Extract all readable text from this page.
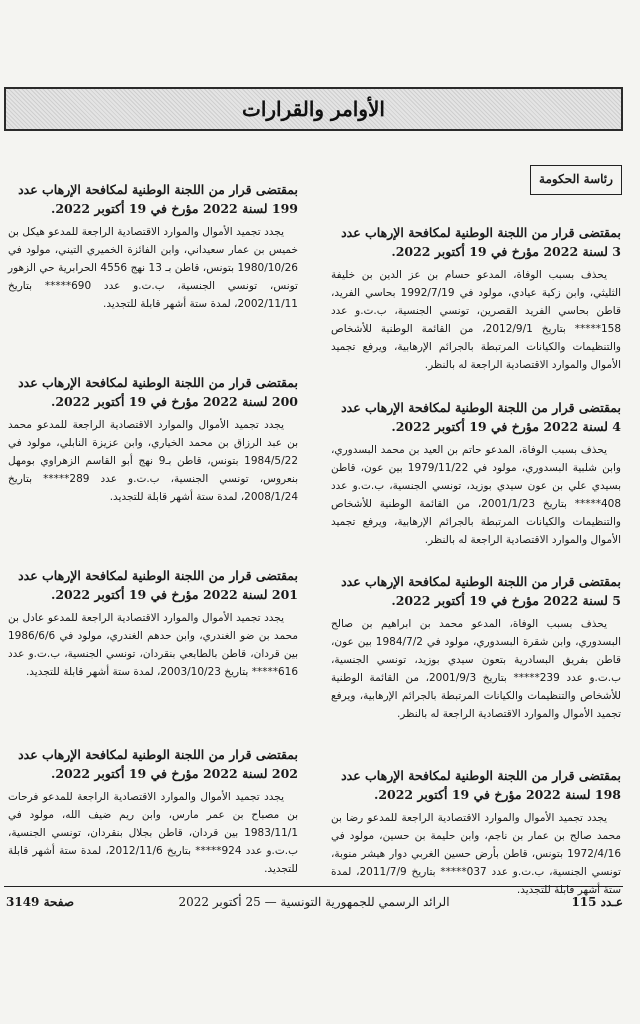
الأوامر والقرارات
رئاسة الحكومة

بمقتضى قرار من اللجنة الوطنية لمكافحة الإرهاب عدد 3 لسنة 2022 مؤرخ في 19 أكتوبر 2022.

يحذف بسبب الوفاة، المدعو حسام بن عز الدين بن خليفة الثليثي، وابن زكية عيادي، مولود في 1992/7/19 بحاسي الفريد، قاطن بحاسي الفريد القصرين، تونسي الجنسية، ب.ت.و عدد 158***** بتاريخ 2012/9/1، من القائمة الوطنية للأشخاص والتنظيمات والكيانات المرتبطة بالجرائم الإرهابية، ويرفع تجميد الأموال والموارد الاقتصادية الراجعة له بالنظر.

بمقتضى قرار من اللجنة الوطنية لمكافحة الإرهاب عدد 4 لسنة 2022 مؤرخ في 19 أكتوبر 2022.

يحذف بسبب الوفاة، المدعو حاتم بن العيد بن محمد البسدوري، وابن شلبية البسدوري، مولود في 1979/11/22 بين عون، قاطن بسيدي علي بن عون سيدي بوزيد، تونسي الجنسية، ب.ت.و عدد 408***** بتاريخ 2001/1/23، من القائمة الوطنية للأشخاص والتنظيمات والكيانات المرتبطة بالجرائم الإرهابية، ويرفع تجميد الأموال والموارد الاقتصادية الراجعة له بالنظر.

بمقتضى قرار من اللجنة الوطنية لمكافحة الإرهاب عدد 5 لسنة 2022 مؤرخ في 19 أكتوبر 2022.

يحذف بسبب الوفاة، المدعو محمد بن ابراهيم بن صالح البسدوري، وابن شقرة البسدوري، مولود في 1984/7/2 بين عون، قاطن بفريق البسادرية بتعون سيدي بوزيد، تونسي الجنسية، ب.ت.و عدد 239***** بتاريخ 2001/9/3، من القائمة الوطنية للأشخاص والتنظيمات والكيانات المرتبطة بالجرائم الإرهابية، ويرفع تجميد الأموال والموارد الاقتصادية الراجعة له بالنظر.

بمقتضى قرار من اللجنة الوطنية لمكافحة الإرهاب عدد 198 لسنة 2022 مؤرخ في 19 أكتوبر 2022.

يجدد تجميد الأموال والموارد الاقتصادية الراجعة للمدعو رضا بن محمد صالح بن عمار بن ناجم، وابن حليمة بن حسين، مولود في 1972/4/16 بتونس، قاطن بأرض حسين الغربي دوار هيشر منوبة، تونسي الجنسية، ب.ت.و عدد 037***** بتاريخ 2011/7/9، لمدة ستة أشهر قابلة للتجديد.

بمقتضى قرار من اللجنة الوطنية لمكافحة الإرهاب عدد 199 لسنة 2022 مؤرخ في 19 أكتوبر 2022.

يجدد تجميد الأموال والموارد الاقتصادية الراجعة للمدعو هيكل بن خميس بن عمار سعيداني، وابن الفائزة الخميري التيني، مولود في 1980/10/26 بتونس، قاطن بـ 13 نهج 4556 الحرابرية حي الزهور تونس، تونسي الجنسية، ب.ت.و عدد 690***** بتاريخ 2002/11/11، لمدة ستة أشهر قابلة للتجديد.

بمقتضى قرار من اللجنة الوطنية لمكافحة الإرهاب عدد 200 لسنة 2022 مؤرخ في 19 أكتوبر 2022.

يجدد تجميد الأموال والموارد الاقتصادية الراجعة للمدعو محمد بن عبد الرزاق بن محمد الخياري، وابن عزيزة النابلي، مولود في 1984/5/22 بتونس، قاطن بـ9 نهج أبو القاسم الزهراوي بومهل بنعروس، تونسي الجنسية، ب.ت.و عدد 289***** بتاريخ 2008/1/24، لمدة ستة أشهر قابلة للتجديد.

بمقتضى قرار من اللجنة الوطنية لمكافحة الإرهاب عدد 201 لسنة 2022 مؤرخ في 19 أكتوبر 2022.

يجدد تجميد الأموال والموارد الاقتصادية الراجعة للمدعو عادل بن محمد بن ضو الغندري، وابن حدهم الغندري، مولود في 1986/6/6 بين قردان، قاطن بالطابعي بنقردان، تونسي الجنسية، ب.ت.و عدد 616***** بتاريخ 2003/10/23، لمدة ستة أشهر قابلة للتجديد.

بمقتضى قرار من اللجنة الوطنية لمكافحة الإرهاب عدد 202 لسنة 2022 مؤرخ في 19 أكتوبر 2022.

يجدد تجميد الأموال والموارد الاقتصادية الراجعة للمدعو فرحات بن مصباح بن عمر مارس، وابن ريم ضيف الله، مولود في 1983/11/1 بين قردان، قاطن بجلال بنقردان، تونسي الجنسية، ب.ت.و عدد 924***** بتاريخ 2012/11/6، لمدة ستة أشهر قابلة للتجديد.

عـدد 115
الرائد الرسمي للجمهورية التونسية — 25 أكتوبر 2022
صفحة 3149
